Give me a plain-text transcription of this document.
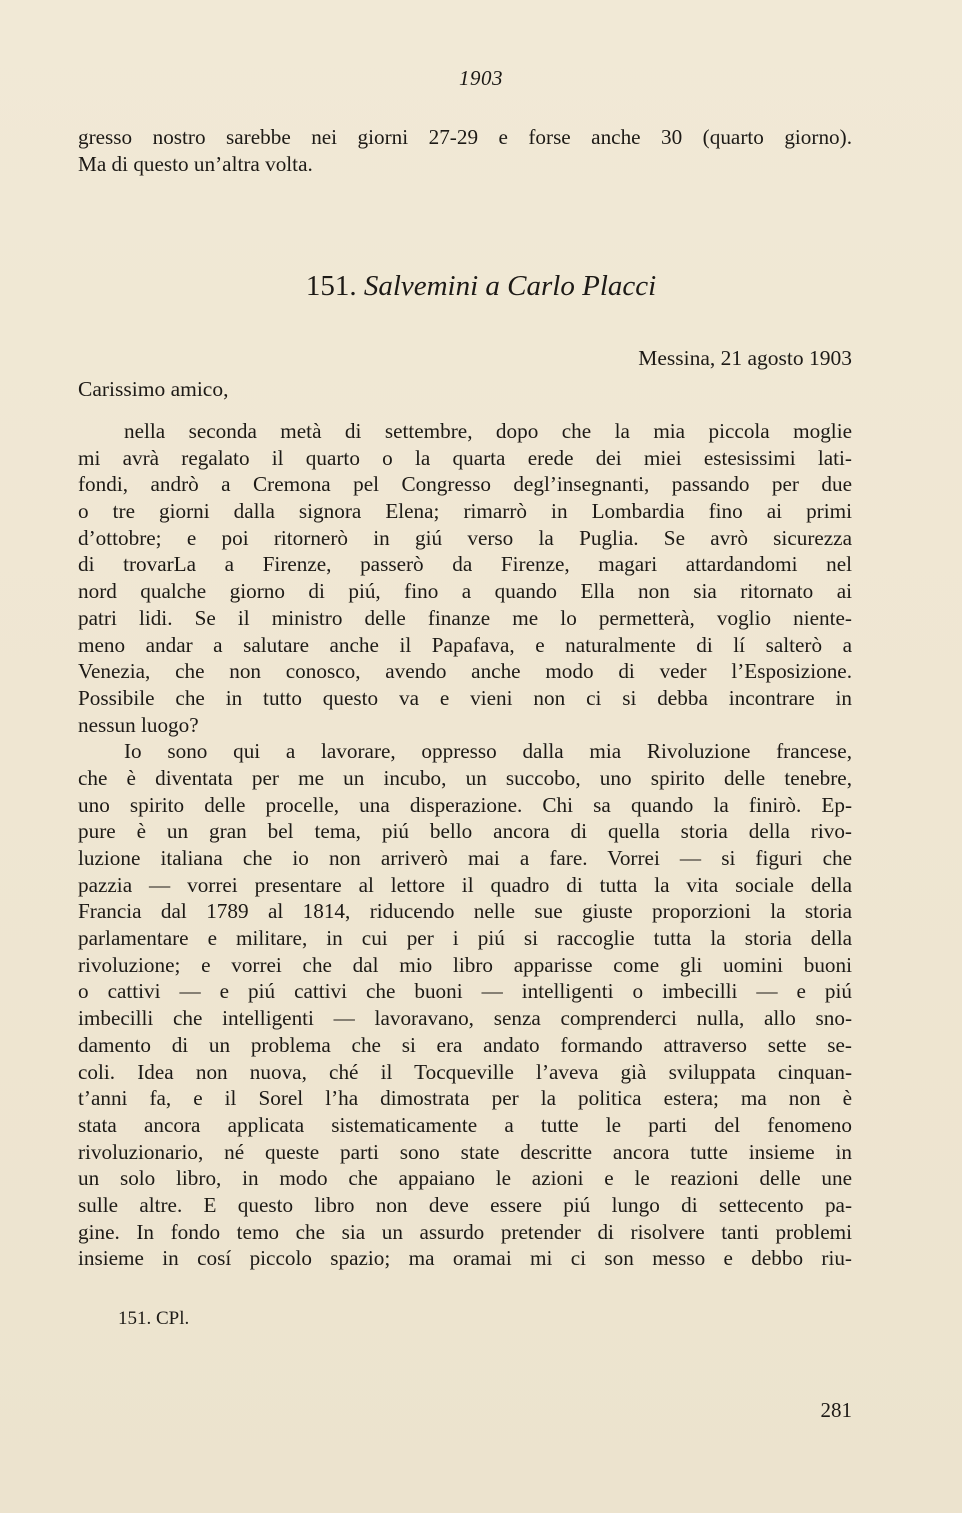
1903
gresso nostro sarebbe nei giorni 27-29 e forse anche 30 (quarto giorno).
Ma di questo un’altra volta.
151. Salvemini a Carlo Placci
Messina, 21 agosto 1903
Carissimo amico,
nella seconda metà di settembre, dopo che la mia piccola moglie
mi avrà regalato il quarto o la quarta erede dei miei estesissimi lati-
fondi, andrò a Cremona pel Congresso degl’insegnanti, passando per due
o tre giorni dalla signora Elena; rimarrò in Lombardia fino ai primi
d’ottobre; e poi ritornerò in giú verso la Puglia. Se avrò sicurezza
di trovarLa a Firenze, passerò da Firenze, magari attardandomi nel
nord qualche giorno di piú, fino a quando Ella non sia ritornato ai
patri lidi. Se il ministro delle finanze me lo permetterà, voglio niente-
meno andar a salutare anche il Papafava, e naturalmente di lí salterò a
Venezia, che non conosco, avendo anche modo di veder l’Esposizione.
Possibile che in tutto questo va e vieni non ci si debba incontrare in
nessun luogo?
Io sono qui a lavorare, oppresso dalla mia Rivoluzione francese,
che è diventata per me un incubo, un succobo, uno spirito delle tenebre,
uno spirito delle procelle, una disperazione. Chi sa quando la finirò. Ep-
pure è un gran bel tema, piú bello ancora di quella storia della rivo-
luzione italiana che io non arriverò mai a fare. Vorrei — si figuri che
pazzia — vorrei presentare al lettore il quadro di tutta la vita sociale della
Francia dal 1789 al 1814, riducendo nelle sue giuste proporzioni la storia
parlamentare e militare, in cui per i piú si raccoglie tutta la storia della
rivoluzione; e vorrei che dal mio libro apparisse come gli uomini buoni
o cattivi — e piú cattivi che buoni — intelligenti o imbecilli — e piú
imbecilli che intelligenti — lavoravano, senza comprenderci nulla, allo sno-
damento di un problema che si era andato formando attraverso sette se-
coli. Idea non nuova, ché il Tocqueville l’aveva già sviluppata cinquan-
t’anni fa, e il Sorel l’ha dimostrata per la politica estera; ma non è
stata ancora applicata sistematicamente a tutte le parti del fenomeno
rivoluzionario, né queste parti sono state descritte ancora tutte insieme in
un solo libro, in modo che appaiano le azioni e le reazioni delle une
sulle altre. E questo libro non deve essere piú lungo di settecento pa-
gine. In fondo temo che sia un assurdo pretender di risolvere tanti problemi
insieme in cosí piccolo spazio; ma oramai mi ci son messo e debbo riu-
151. CPl.
281
